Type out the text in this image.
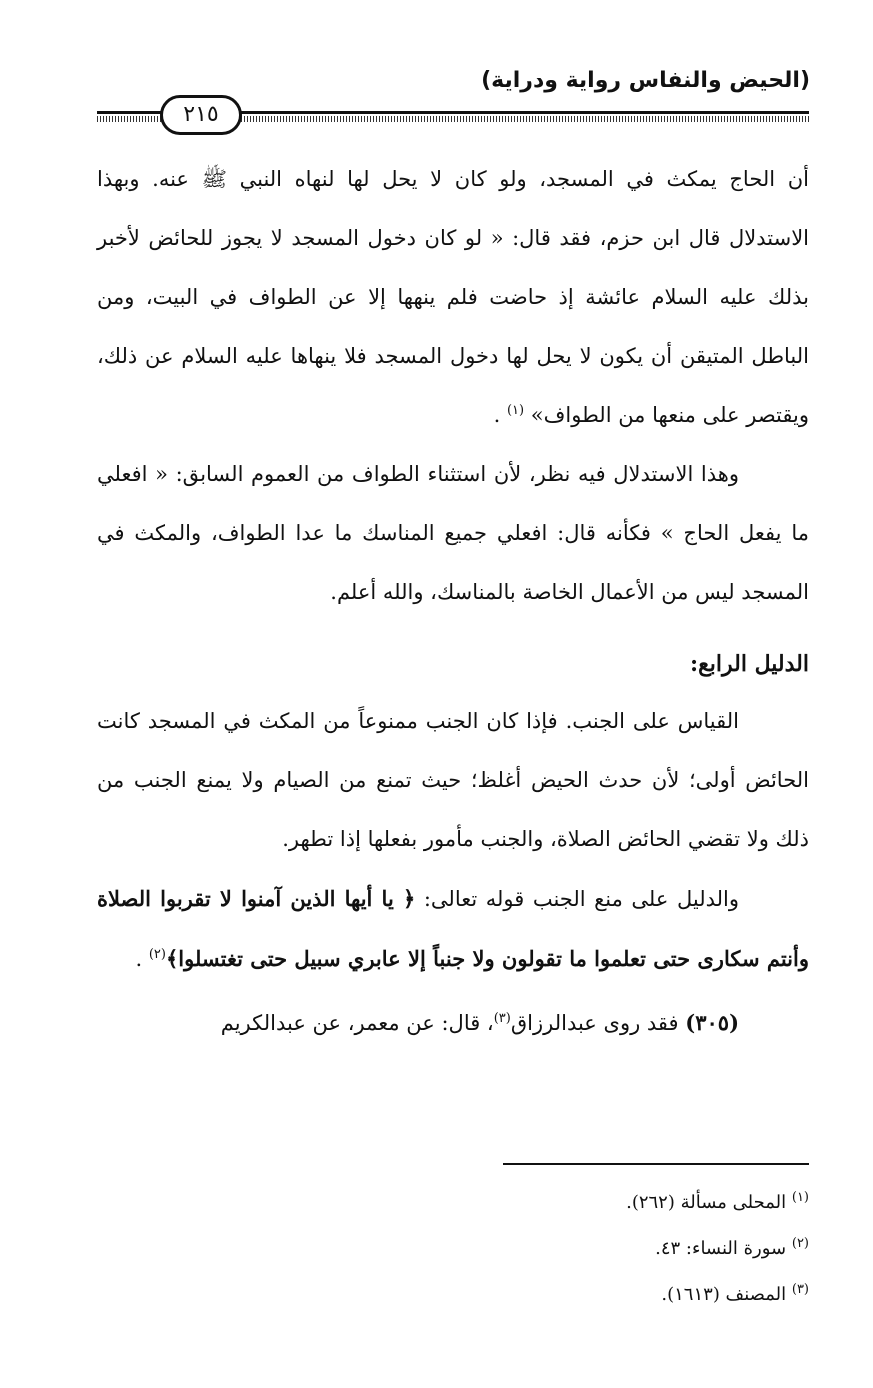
(الحيض والنفاس رواية ودراية)
٢١٥

أن الحاج يمكث في المسجد، ولو كان لا يحل لها لنهاه النبي ﷺ عنه. وبهذا الاستدلال قال ابن حزم، فقد قال: « لو كان دخول المسجد لا يجوز للحائض لأخبر بذلك عليه السلام عائشة إذ حاضت فلم ينهها إلا عن الطواف في البيت، ومن الباطل المتيقن أن يكون لا يحل لها دخول المسجد فلا ينهاها عليه السلام عن ذلك، ويقتصر على منعها من الطواف» $^{(١)}$ .

وهذا الاستدلال فيه نظر، لأن استثناء الطواف من العموم السابق: « افعلي ما يفعل الحاج » فكأنه قال: افعلي جميع المناسك ما عدا الطواف، والمكث في المسجد ليس من الأعمال الخاصة بالمناسك، والله أعلم.

الدليل الرابع:

القياس على الجنب. فإذا كان الجنب ممنوعاً من المكث في المسجد كانت الحائض أولى؛ لأن حدث الحيض أغلظ؛ حيث تمنع من الصيام ولا يمنع الجنب من ذلك ولا تقضي الحائض الصلاة، والجنب مأمور بفعلها إذا تطهر.

والدليل على منع الجنب قوله تعالى: ﴿ يا أيها الذين آمنوا لا تقربوا الصلاة وأنتم سكارى حتى تعلموا ما تقولون ولا جنباً إلا عابري سبيل حتى تغتسلوا﴾$^{(٢)}$ .

(٣٠٥) فقد روى عبدالرزاق$^{(٣)}$، قال: عن معمر، عن عبدالكريم

$^{(١)}$ المحلى مسألة (٢٦٢).

$^{(٢)}$ سورة النساء: ٤٣.

$^{(٣)}$ المصنف (١٦١٣).
